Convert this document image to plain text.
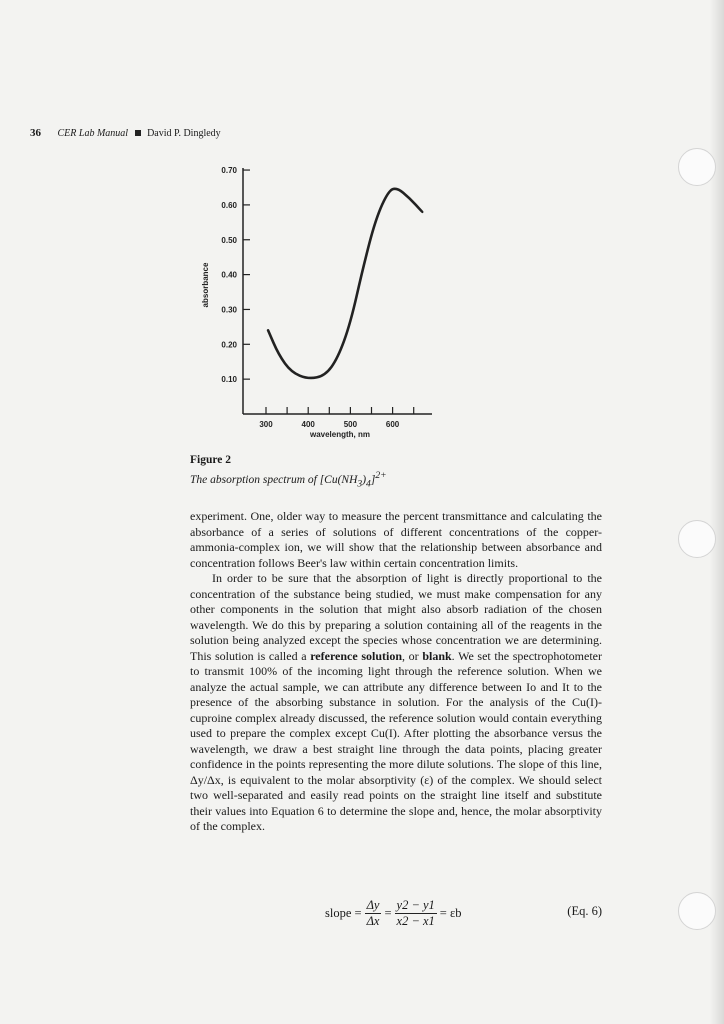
36 CER Lab Manual David P. Dingledy
0.70
0.60
0.50
0.40
0.30
0.20
0.10
300	400	500	600
absorbance
wavelength, nm
Figure 2
The absorption spectrum of $[Cu(NH_3)_4]^{2+}$

experiment. One, older way to measure the percent transmittance and calculating the absorbance of a series of solutions of different concentrations of the copper-ammonia-complex ion, we will show that the relationship between absorbance and concentration follows Beer's law within certain concentration limits.

In order to be sure that the absorption of light is directly proportional to the concentration of the substance being studied, we must make compensation for any other components in the solution that might also absorb radiation of the chosen wavelength. We do this by preparing a solution containing all of the reagents in the solution being analyzed except the species whose concentration we are determining. This solution is called a reference solution, or blank. We set the spectrophotometer to transmit 100% of the incoming light through the reference solution. When we analyze the actual sample, we can attribute any difference between Io and It to the presence of the absorbing substance in solution. For the analysis of the Cu(I)-cuproine complex already discussed, the reference solution would contain everything used to prepare the complex except Cu(I). After plotting the absorbance versus the wavelength, we draw a best straight line through the data points, placing greater confidence in the points representing the more dilute solutions. The slope of this line, Δy/Δx, is equivalent to the molar absorptivity (ε) of the complex. We should select two well-separated and easily read points on the straight line itself and substitute their values into Equation 6 to determine the slope and, hence, the molar absorptivity of the complex.

slope = $\frac{\Delta y}{\Delta x} = \frac{y2 - y1}{x2 - x1} = \varepsilon b$	(Eq. 6)
